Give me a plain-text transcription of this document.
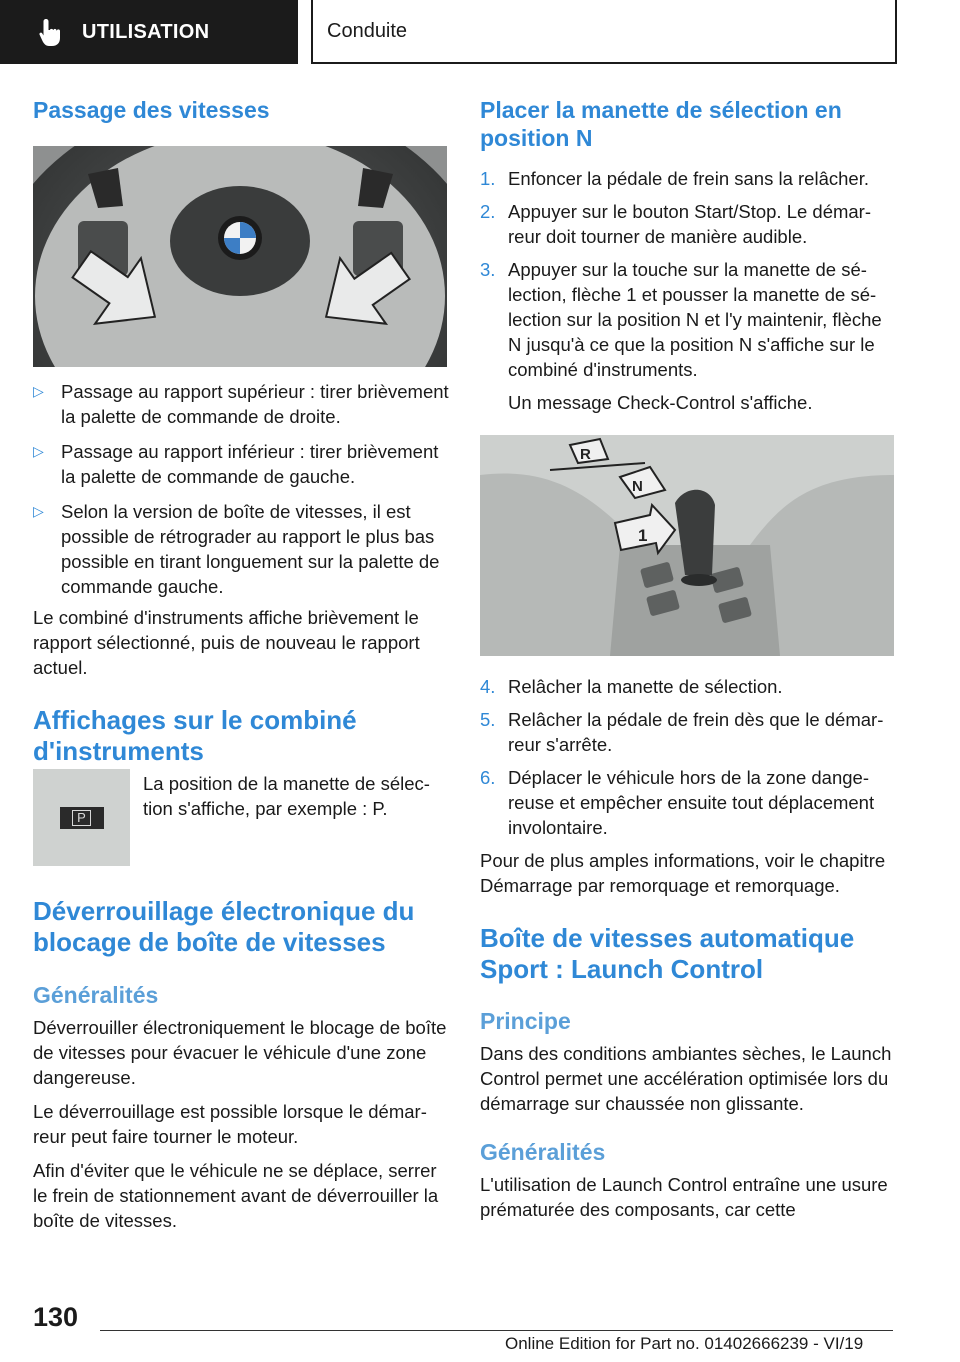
UTILISATION	Conduite
Passage des vitesses
▷ Passage au rapport supérieur : tirer brièvement la palette de commande de droite.
▷ Passage au rapport inférieur : tirer brièvement la palette de commande de gauche.
▷ Selon la version de boîte de vitesses, il est possible de rétrograder au rapport le plus bas possible en tirant longuement sur la palette de commande gauche.

Le combiné d'instruments affiche brièvement le rapport sélectionné, puis de nouveau le rapport actuel.

Affichages sur le combiné d'instruments
P

La position de la manette de sélection s'affiche, par exemple : P.

Déverrouillage électronique du blocage de boîte de vitesses
Généralités

Déverrouiller électroniquement le blocage de boîte de vitesses pour évacuer le véhicule d'une zone dangereuse.

Le déverrouillage est possible lorsque le démarreur peut faire tourner le moteur.

Afin d'éviter que le véhicule ne se déplace, serrer le frein de stationnement avant de déverrouiller la boîte de vitesses.

Placer la manette de sélection en position N
1. Enfoncer la pédale de frein sans la relâcher.
2. Appuyer sur le bouton Start/Stop. Le démarreur doit tourner de manière audible.
3. Appuyer sur la touche sur la manette de sélection, flèche 1 et pousser la manette de sélection sur la position N et l'y maintenir, flèche N jusqu'à ce que la position N s'affiche sur le combiné d'instruments.

Un message Check-Control s'affiche.

R
N
1
4. Relâcher la manette de sélection.
5. Relâcher la pédale de frein dès que le démarreur s'arrête.
6. Déplacer le véhicule hors de la zone dangereuse et empêcher ensuite tout déplacement involontaire.

Pour de plus amples informations, voir le chapitre Démarrage par remorquage et remorquage.

Boîte de vitesses automatique Sport : Launch Control
Principe

Dans des conditions ambiantes sèches, le Launch Control permet une accélération optimisée lors du démarrage sur chaussée non glissante.

Généralités

L'utilisation de Launch Control entraîne une usure prématurée des composants, car cette

130
Online Edition for Part no. 01402666239 - VI/19
